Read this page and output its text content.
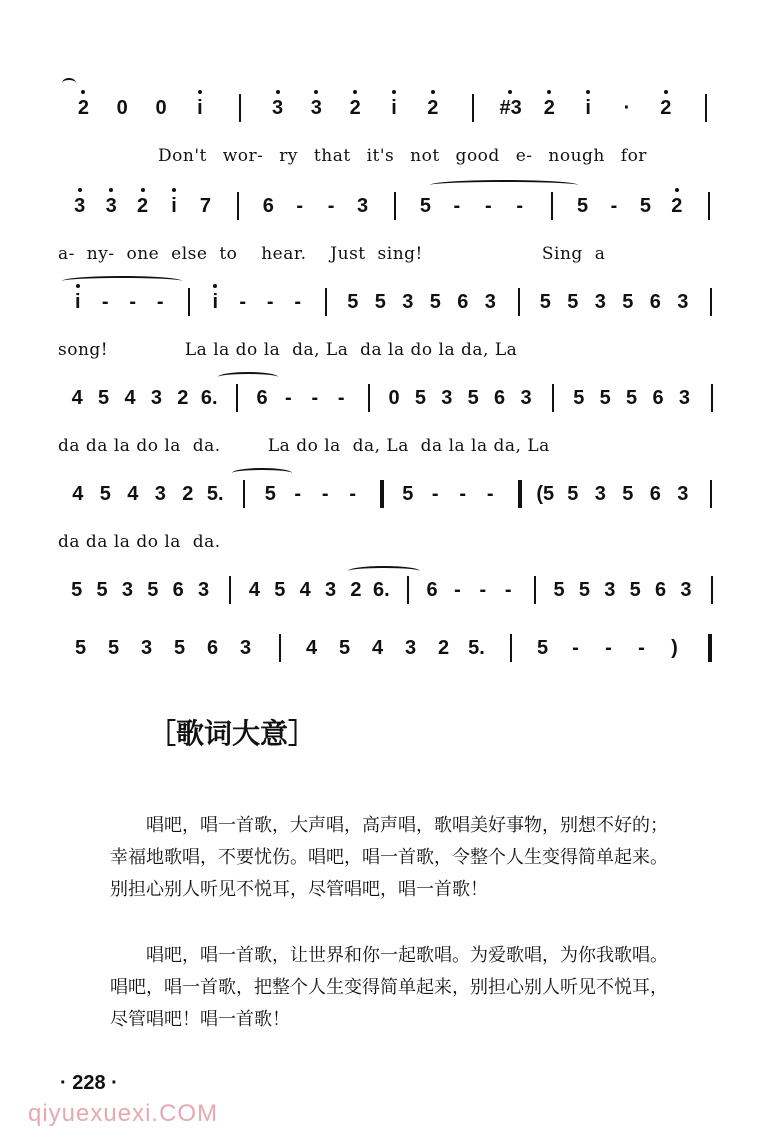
2 0 0	i	3 3 2	i	2	#3 2	i	·	2
Don't wor- ry that it's not good e- nough for
3 3 2	i	7	6	-	-	3	5	-	-	-	5	-	5 2
a- ny- one else to  hear.  Just sing!          Sing a
i	-	-	-	i	-	-	-	5 5 3 5 6 3 5 5 3 5 6 3
song!             La la do la  da, La  da la do la da, La
4 5 4 3 2 6. 6 - - -	0 5 3 5 6 3 5 5 5 6 3
da da la do la  da.        La do la  da, La  da la la da, La
4 5 4 3 2 5. 5 -	-	-	5 -	-	-	(5 5 3 5 6 3
da da la do la  da.
5 5 3 5 6 3 4 5 4 3 2 6. 6 - - -	5 5 3 5 6 3
5 5 3 5 6 3	4 5 4 3 2 5.	5	-	-	-	)
［歌词大意］
唱吧，唱一首歌，大声唱，高声唱，歌唱美好事物，别想不好的；幸福地歌唱，不要忧伤。唱吧，唱一首歌，令整个人生变得简单起来。别担心别人听见不悦耳，尽管唱吧，唱一首歌！
唱吧，唱一首歌，让世界和你一起歌唱。为爱歌唱，为你我歌唱。唱吧，唱一首歌，把整个人生变得简单起来，别担心别人听见不悦耳，尽管唱吧！唱一首歌！
· 228 ·
qiyuexuexi.COM
